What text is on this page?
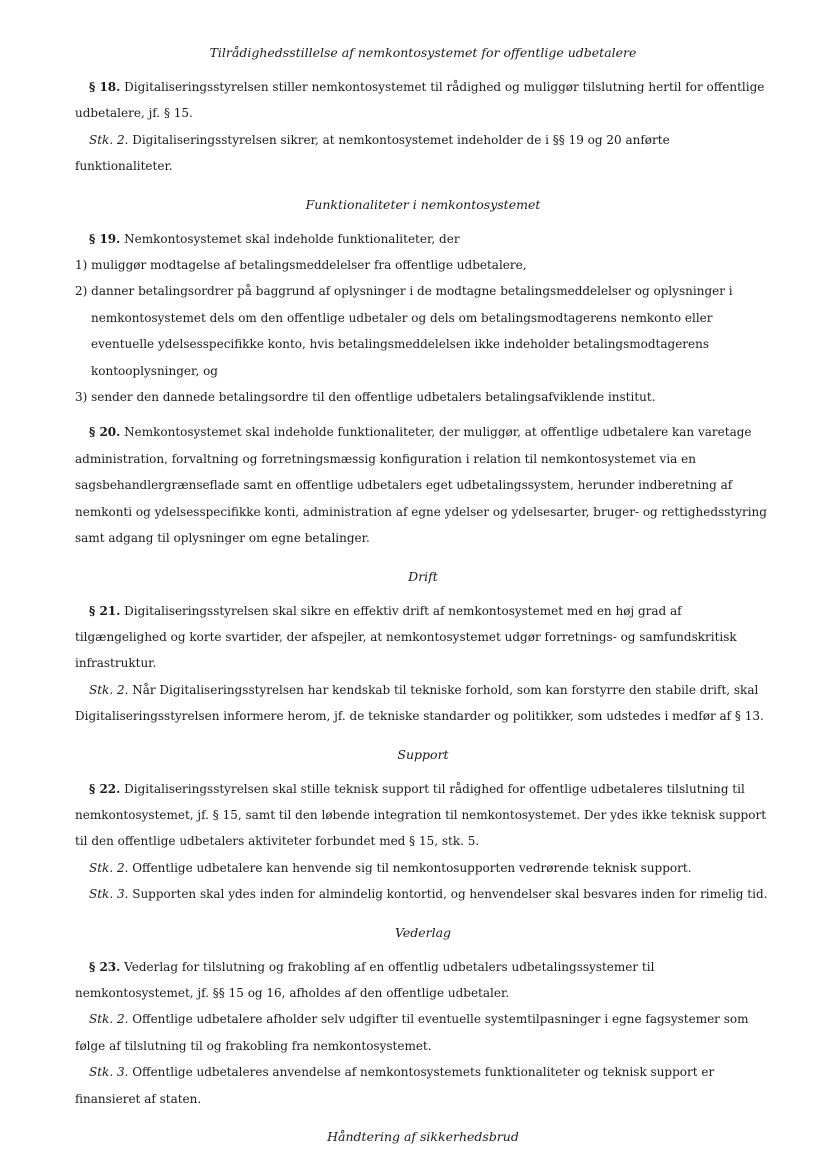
Tilrådighedsstillelse af nemkontosystemet for offentlige udbetalere

§ 18. Digitaliseringsstyrelsen stiller nemkontosystemet til rådighed og muliggør tilslutning hertil for offentlige udbetalere, jf. § 15.

Stk. 2. Digitaliseringsstyrelsen sikrer, at nemkontosystemet indeholder de i §§ 19 og 20 anførte funktionaliteter.

Funktionaliteter i nemkontosystemet

§ 19. Nemkontosystemet skal indeholde funktionaliteter, der

1) muliggør modtagelse af betalingsmeddelelser fra offentlige udbetalere,
2) danner betalingsordrer på baggrund af oplysninger i de modtagne betalingsmeddelelser og oplysninger i nemkontosystemet dels om den offentlige udbetaler og dels om betalingsmodtagerens nemkonto eller eventuelle ydelsesspecifikke konto, hvis betalingsmeddelelsen ikke indeholder betalingsmodtagerens kontooplysninger, og
3) sender den dannede betalingsordre til den offentlige udbetalers betalingsafviklende institut.

§ 20. Nemkontosystemet skal indeholde funktionaliteter, der muliggør, at offentlige udbetalere kan varetage administration, forvaltning og forretningsmæssig konfiguration i relation til nemkontosystemet via en sagsbehandlergrænseflade samt en offentlige udbetalers eget udbetalingssystem, herunder indberetning af nemkonti og ydelsesspecifikke konti, administration af egne ydelser og ydelsesarter, bruger- og rettighedsstyring samt adgang til oplysninger om egne betalinger.

Drift

§ 21. Digitaliseringsstyrelsen skal sikre en effektiv drift af nemkontosystemet med en høj grad af tilgængelighed og korte svartider, der afspejler, at nemkontosystemet udgør forretnings- og samfundskritisk infrastruktur.

Stk. 2. Når Digitaliseringsstyrelsen har kendskab til tekniske forhold, som kan forstyrre den stabile drift, skal Digitaliseringsstyrelsen informere herom, jf. de tekniske standarder og politikker, som udstedes i medfør af § 13.

Support

§ 22. Digitaliseringsstyrelsen skal stille teknisk support til rådighed for offentlige udbetaleres tilslutning til nemkontosystemet, jf. § 15, samt til den løbende integration til nemkontosystemet. Der ydes ikke teknisk support til den offentlige udbetalers aktiviteter forbundet med § 15, stk. 5.

Stk. 2. Offentlige udbetalere kan henvende sig til nemkontosupporten vedrørende teknisk support.

Stk. 3. Supporten skal ydes inden for almindelig kontortid, og henvendelser skal besvares inden for rimelig tid.

Vederlag

§ 23. Vederlag for tilslutning og frakobling af en offentlig udbetalers udbetalingssystemer til nemkontosystemet, jf. §§ 15 og 16, afholdes af den offentlige udbetaler.

Stk. 2. Offentlige udbetalere afholder selv udgifter til eventuelle systemtilpasninger i egne fagsystemer som følge af tilslutning til og frakobling fra nemkontosystemet.

Stk. 3. Offentlige udbetaleres anvendelse af nemkontosystemets funktionaliteter og teknisk support er finansieret af staten.

Håndtering af sikkerhedsbrud
